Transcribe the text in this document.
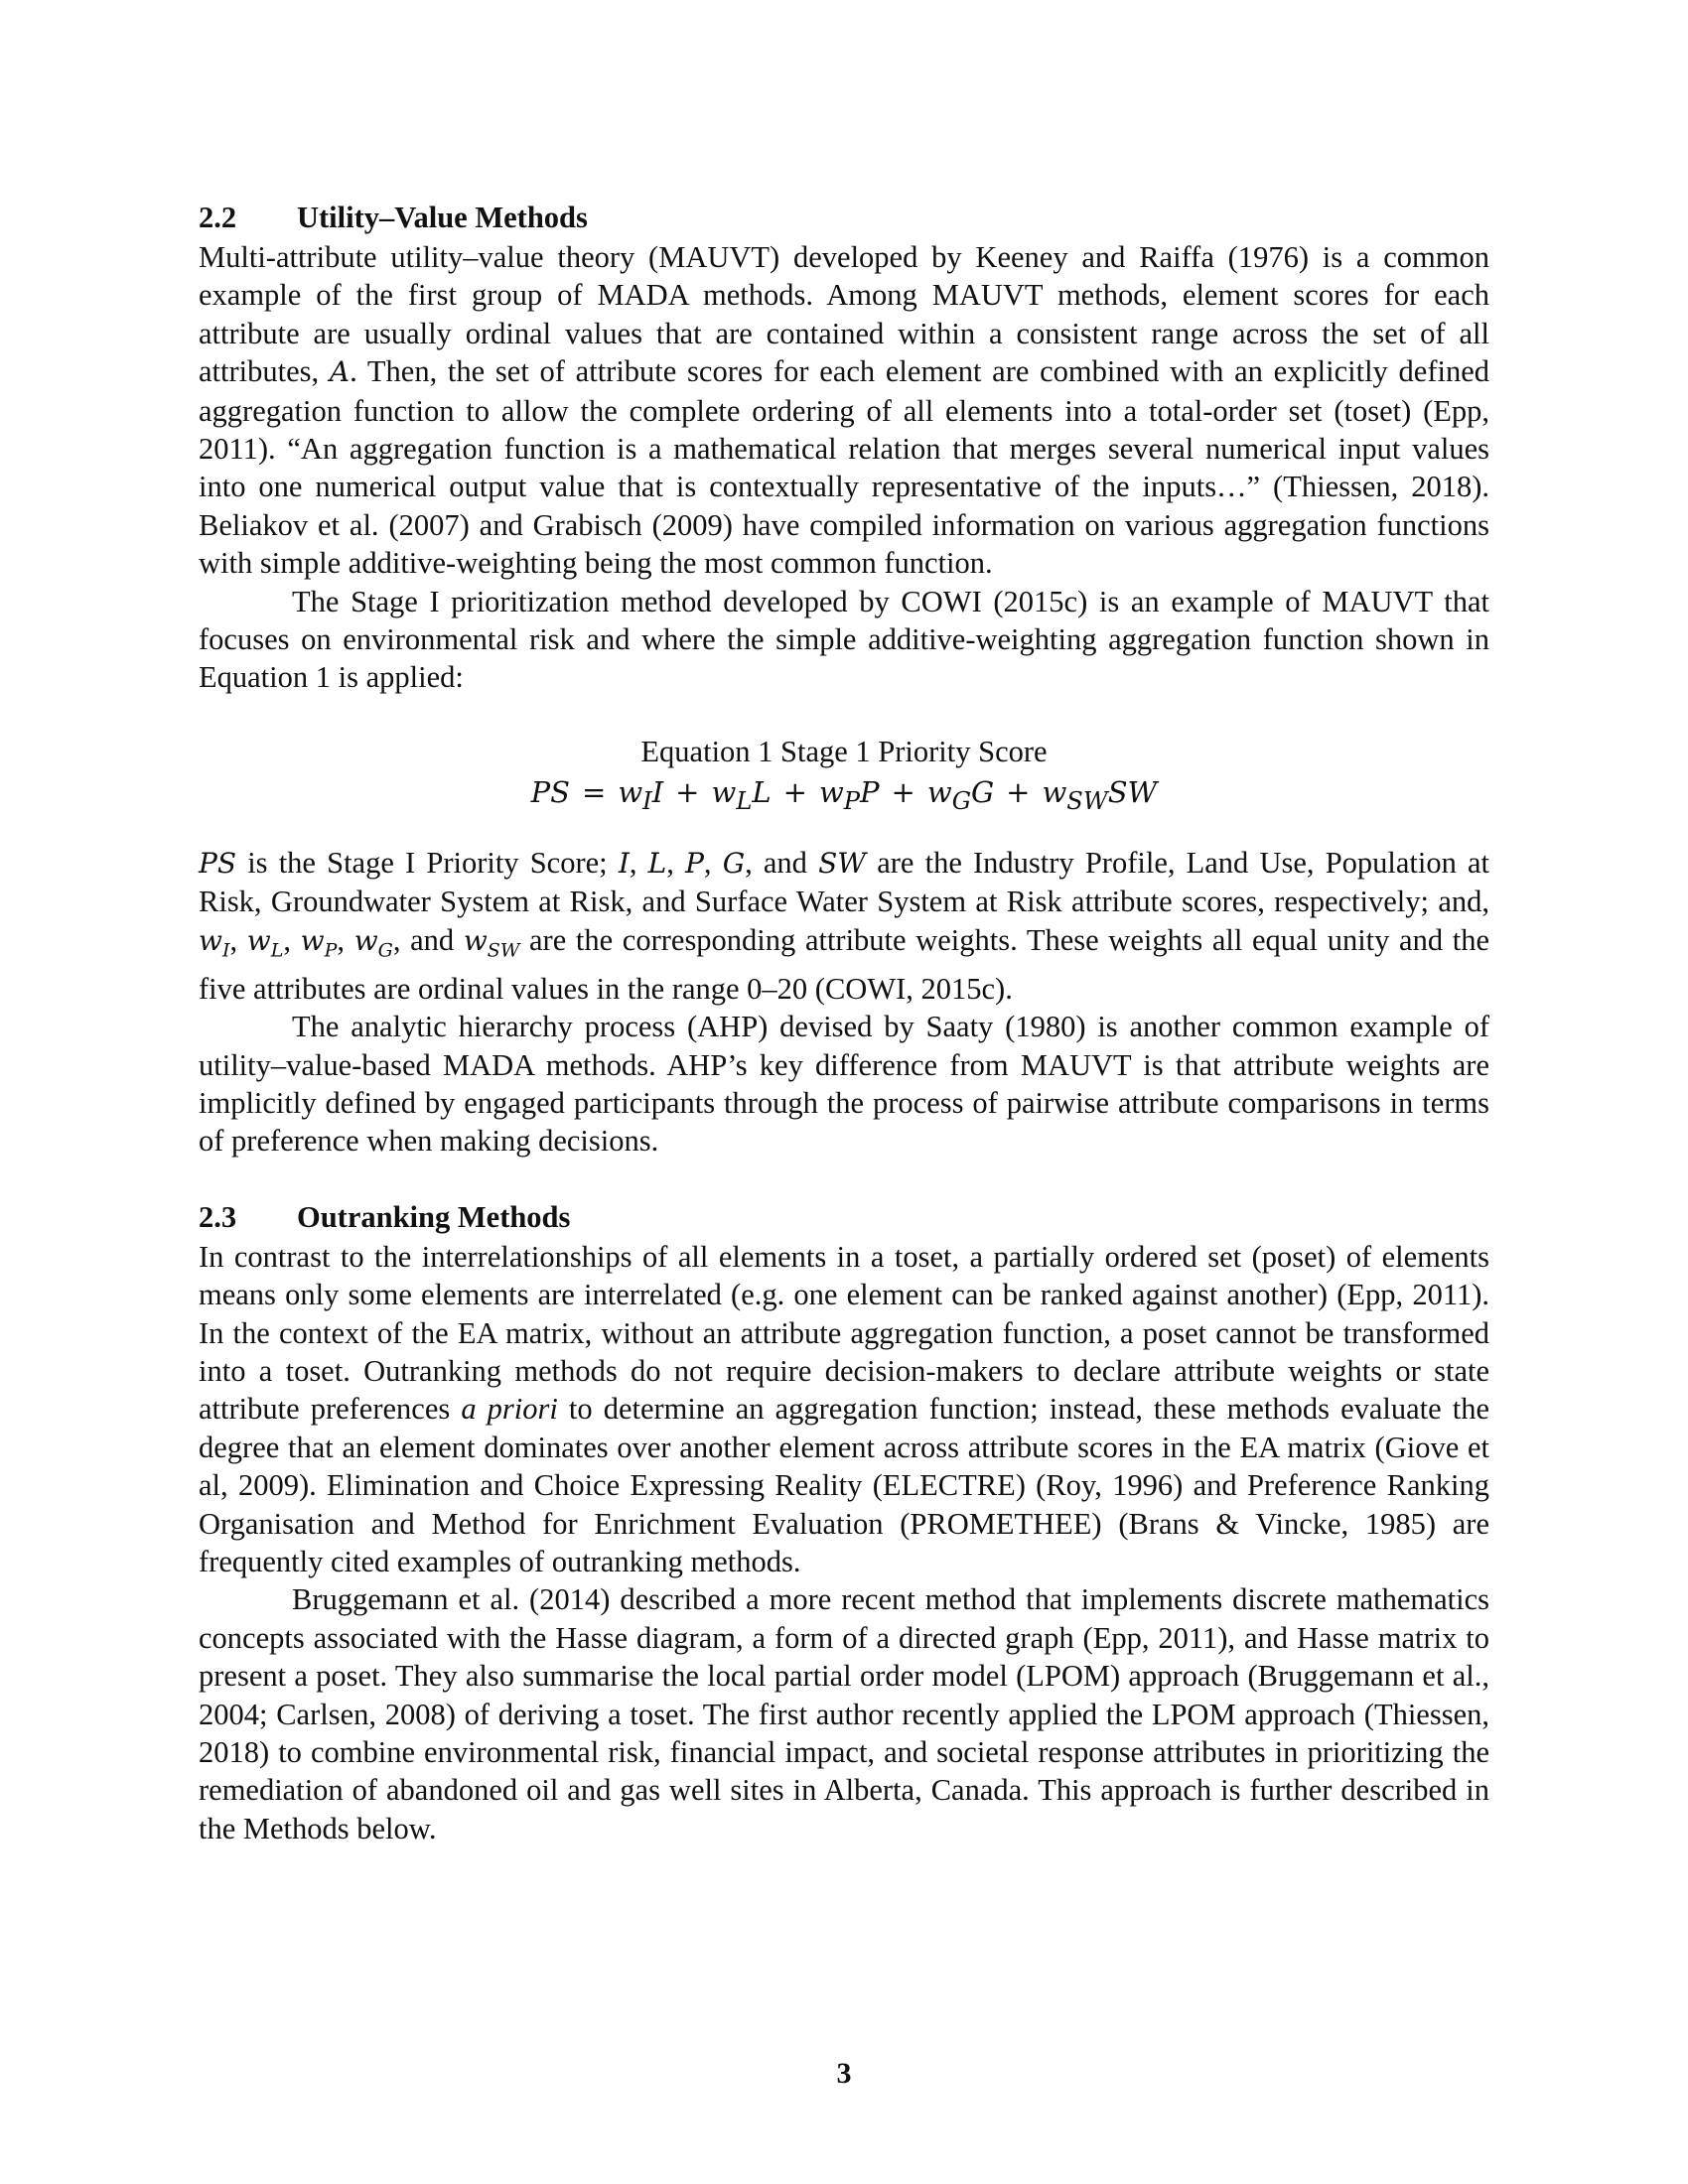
2.2 Utility–Value Methods

Multi-attribute utility–value theory (MAUVT) developed by Keeney and Raiffa (1976) is a common example of the first group of MADA methods. Among MAUVT methods, element scores for each attribute are usually ordinal values that are contained within a consistent range across the set of all attributes, A. Then, the set of attribute scores for each element are combined with an explicitly defined aggregation function to allow the complete ordering of all elements into a total-order set (toset) (Epp, 2011). “An aggregation function is a mathematical relation that merges several numerical input values into one numerical output value that is contextually representative of the inputs…” (Thiessen, 2018). Beliakov et al. (2007) and Grabisch (2009) have compiled information on various aggregation functions with simple additive-weighting being the most common function.

The Stage I prioritization method developed by COWI (2015c) is an example of MAUVT that focuses on environmental risk and where the simple additive-weighting aggregation function shown in Equation 1 is applied:

Equation 1 Stage 1 Priority Score
PS = $w_II + w_LL + w_PP + w_GG + w_{SW}SW$

PS is the Stage I Priority Score; I, L, P, G, and SW are the Industry Profile, Land Use, Population at Risk, Groundwater System at Risk, and Surface Water System at Risk attribute scores, respectively; and, $w_I$, $w_L$, $w_P$, $w_G$, and $w_{SW}$ are the corresponding attribute weights. These weights all equal unity and the five attributes are ordinal values in the range 0–20 (COWI, 2015c).

The analytic hierarchy process (AHP) devised by Saaty (1980) is another common example of utility–value-based MADA methods. AHP’s key difference from MAUVT is that attribute weights are implicitly defined by engaged participants through the process of pairwise attribute comparisons in terms of preference when making decisions.

2.3 Outranking Methods

In contrast to the interrelationships of all elements in a toset, a partially ordered set (poset) of elements means only some elements are interrelated (e.g. one element can be ranked against another) (Epp, 2011). In the context of the EA matrix, without an attribute aggregation function, a poset cannot be transformed into a toset. Outranking methods do not require decision-makers to declare attribute weights or state attribute preferences a priori to determine an aggregation function; instead, these methods evaluate the degree that an element dominates over another element across attribute scores in the EA matrix (Giove et al, 2009). Elimination and Choice Expressing Reality (ELECTRE) (Roy, 1996) and Preference Ranking Organisation and Method for Enrichment Evaluation (PROMETHEE) (Brans & Vincke, 1985) are frequently cited examples of outranking methods.

Bruggemann et al. (2014) described a more recent method that implements discrete mathematics concepts associated with the Hasse diagram, a form of a directed graph (Epp, 2011), and Hasse matrix to present a poset. They also summarise the local partial order model (LPOM) approach (Bruggemann et al., 2004; Carlsen, 2008) of deriving a toset. The first author recently applied the LPOM approach (Thiessen, 2018) to combine environmental risk, financial impact, and societal response attributes in prioritizing the remediation of abandoned oil and gas well sites in Alberta, Canada. This approach is further described in the Methods below.

3
